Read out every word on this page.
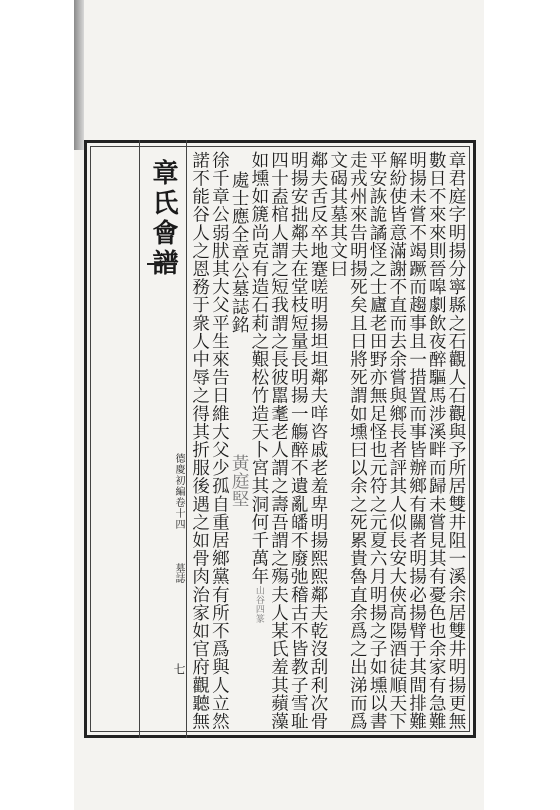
章氏會譜
德慶初編卷十四
墓誌
七	章君庭字明揚分寧縣之石觀人石觀與予所居雙井阻一溪余居雙井明揚更無
數日不來來則晉嗥劇飲夜醉驅馬涉溪畔而歸未嘗見其有憂色也余家有急難
明揚未嘗不竭蹶而趨事且一措置而事皆辦鄉有關者明揚必揚臂于其間排難
解紛使皆意滿謝不直而去余嘗與鄉長者評其人似長安大俠高陽酒徒順天下
平安詼詭譎怪之士廬老田野亦無足怪也元符之元夏六月明揚之子如壎以書
走戎州來告明揚死矣且日將死謂如壎曰以余之死累貴魯直余爲之出涕而爲
文碣其墓其文曰
鄰夫舌反卒地蹇嗟明揚坦坦鄰夫咩咨戚老羞卑明揚熙熙鄰夫乾沒刮利次骨
明揚安拙鄰夫在堂枝短量長明揚一觴醉不遺亂皤不廢弛稽古不皆教子雪耻
四十盍棺人謂之短我謂之長彼嚚耄老人謂之壽吾謂之殤夫人某氏羞其蘋藻
如壎如篪尚克有造石莉之艱松竹造天卜宮其洞何千萬年山谷四篆
處士應全章公墓誌銘黃庭堅
徐千章公弱肰其大父平生來告日維大父少孤自重居鄉黨有所不爲與人立然
諾不能谷人之恩務于衆人中辱之得其折服後遇之如骨肉治家如官府觀聽無
